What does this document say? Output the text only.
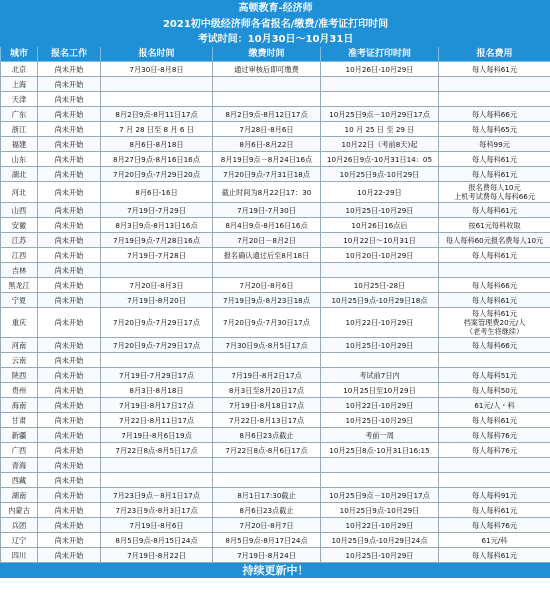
高顿教育-经济师					
2021初中级经济师各省报名/缴费/准考证打印时间					
考试时间：10月30日～10月31日					
城市	报名工作	报名时间	缴费时间	准考证打印时间	报名费用
北京	尚未开始	7月30日-8月8日	通过审核后即可缴费	10月26日-10月29日	每人每科61元
上海	尚未开始				
天津	尚未开始				
广东	尚未开始	8月2日9点-8月11日17点	8月2日9点-8月12日17点	10月25日9点－10月29日17点	每人每科66元
浙江	尚未开始	7 月 28 日至 8 月 6 日	7月28日-8月6日	10 月 25 日 至 29 日	每人每科65元
福建	尚未开始	8月6日-8月18日	8月6日-8月22日	10月22日（考前8天)起	每科99元
山东	尚未开始	8月27日9点-8月16日16点	8月19日9点－8月24日16点	10月26日9点-10月31日14：05	每人每科61元
湖北	尚未开始	7月20日9点-7月29日20点	7月20日9点-7月31日18点	10月25日9点-10月29日	每人每科61元
河北	尚未开始	8月6日-16日	截止时间为8月22日17：30	10月22-29日	报名费每人10元
上机考试费每人每科66元
山西	尚未开始	7月19日-7月29日	7月19日-7月30日	10月25日-10月29日	每人每科61元
安徽	尚未开始	8月3日9点-8月13日16点	8月4日9点-8月16日16点	10月26日16点后	按61元每科收取
江苏	尚未开始	7月19日9点-7月28日16点	7月20日－8月2日	10月22日～10月31日	每人每科60元报名费每人10元
江西	尚未开始	7月19日-7月28日	报名确认通过后至8月18日	10月20日-10月29日	每人每科61元
吉林	尚未开始				
黑龙江	尚未开始	7月20日-8月3日	7月20日-8月6日	10月25日-28日	每人每科66元
宁夏	尚未开始	7月19日-8月20日	7月19日9点-8月23日18点	10月25日9点-10月29日18点	每人每科61元
重庆	尚未开始	7月20日9点-7月29日17点	7月20日9点-7月30日17点	10月22日-10月29日	每人每科61元
档案管理费20元/人
（老考生将继续）
河南	尚未开始	7月20日9点-7月29日17点	7月30日9点-8月5日17点	10月25日-10月29日	每人每科66元
云南	尚未开始				
陕西	尚未开始	7月19日-7月29日17点	7月19日-8月2日17点	考试前7日内	每人每科51元
贵州	尚未开始	8月3日-8月18日	8月3日至8月20日17点	10月25日至10月29日	每人每科50元
海南	尚未开始	7月19日-8月17日17点	7月19日-8月18日17点	10月22日-10月29日	61元/人・科
甘肃	尚未开始	7月22日-8月11日17点	7月22日-8月13日17点	10月25日-10月29日	每人每科61元
新疆	尚未开始	7月19日-8月6日19点	8月6日23点截止	考前一周	每人每科76元
广西	尚未开始	7月22日8点-8月5日17点	7月22日8点-8月6日17点	10月25日8点-10月31日16:15	每人每科76元
青海	尚未开始				
西藏	尚未开始				
湖南	尚未开始	7月23日9点－8月1日17点	8月1日17:30截止	10月25日9点－10月29日17点	每人每科91元
内蒙古	尚未开始	7月23日9点-8月3日17点	8月6日23点截止	10月25日9点-10月29日	每人每科61元
兵团	尚未开始	7月19日-8月6日	7月20日-8月7日	10月22日-10月29日	每人每科76元
辽宁	尚未开始	8月5日9点-8月15日24点	8月5日9点-8月17日24点	10月25日9点-10月29日24点	61元/科
四川	尚未开始	7月19日-8月22日	7月19日-8月24日	10月25日-10月29日	每人每科61元
持续更新中！					
